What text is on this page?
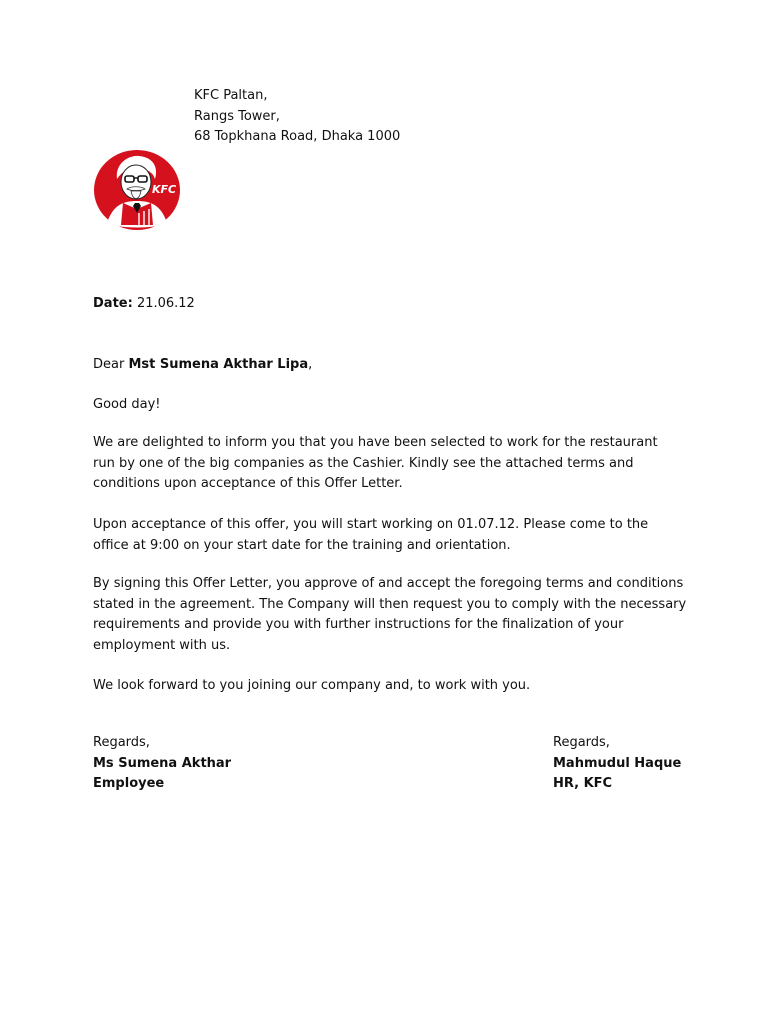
KFC Paltan,
Rangs Tower,
68 Topkhana Road, Dhaka 1000
KFC
Date: 21.06.12
Dear Mst Sumena Akthar Lipa,
Good day!
We are delighted to inform you that you have been selected to work for the restaurant
run by one of the big companies as the Cashier. Kindly see the attached terms and
conditions upon acceptance of this Offer Letter.
Upon acceptance of this offer, you will start working on 01.07.12. Please come to the
office at 9:00 on your start date for the training and orientation.
By signing this Offer Letter, you approve of and accept the foregoing terms and conditions
stated in the agreement. The Company will then request you to comply with the necessary
requirements and provide you with further instructions for the finalization of your
employment with us.
We look forward to you joining our company and, to work with you.
Regards,
Ms Sumena Akthar
Employee
Regards,
Mahmudul Haque
HR, KFC
